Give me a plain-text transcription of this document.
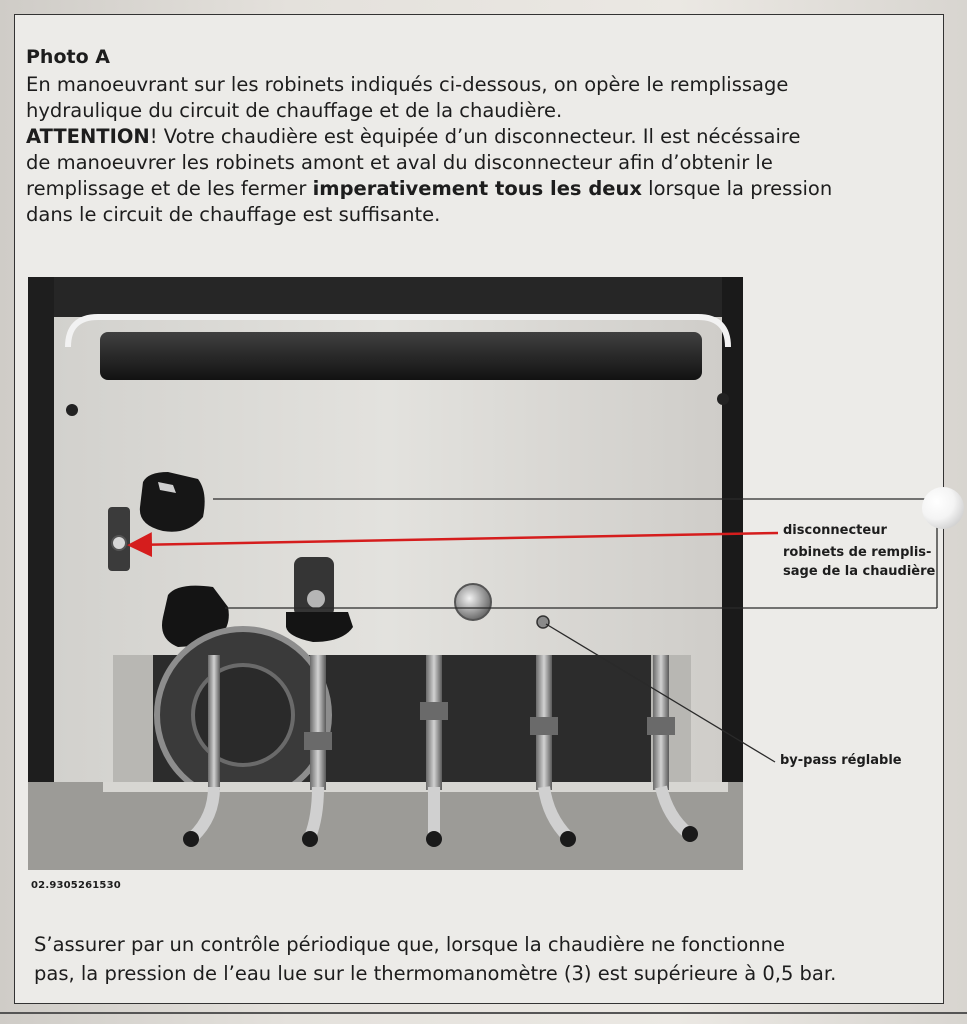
Photo A

En manoeuvrant sur les robinets indiqués ci-dessous, on opère le remplissage

hydraulique du circuit de chauffage et de la chaudière.

ATTENTION! Votre chaudière est èquipée d’un disconnecteur. Il est nécéssaire

de manoeuvrer les robinets amont et aval du disconnecteur afin d’obtenir le

remplissage et de les fermer imperativement tous les deux lorsque la pression

dans le circuit de chauffage est suffisante.

disconnecteur
robinets de remplis-
sage de la chaudière
by-pass réglable
02.9305261530

S’assurer par un contrôle périodique que, lorsque la chaudière ne fonctionne

pas, la pression de l’eau lue sur le thermomanomètre (3) est supérieure à 0,5 bar.
